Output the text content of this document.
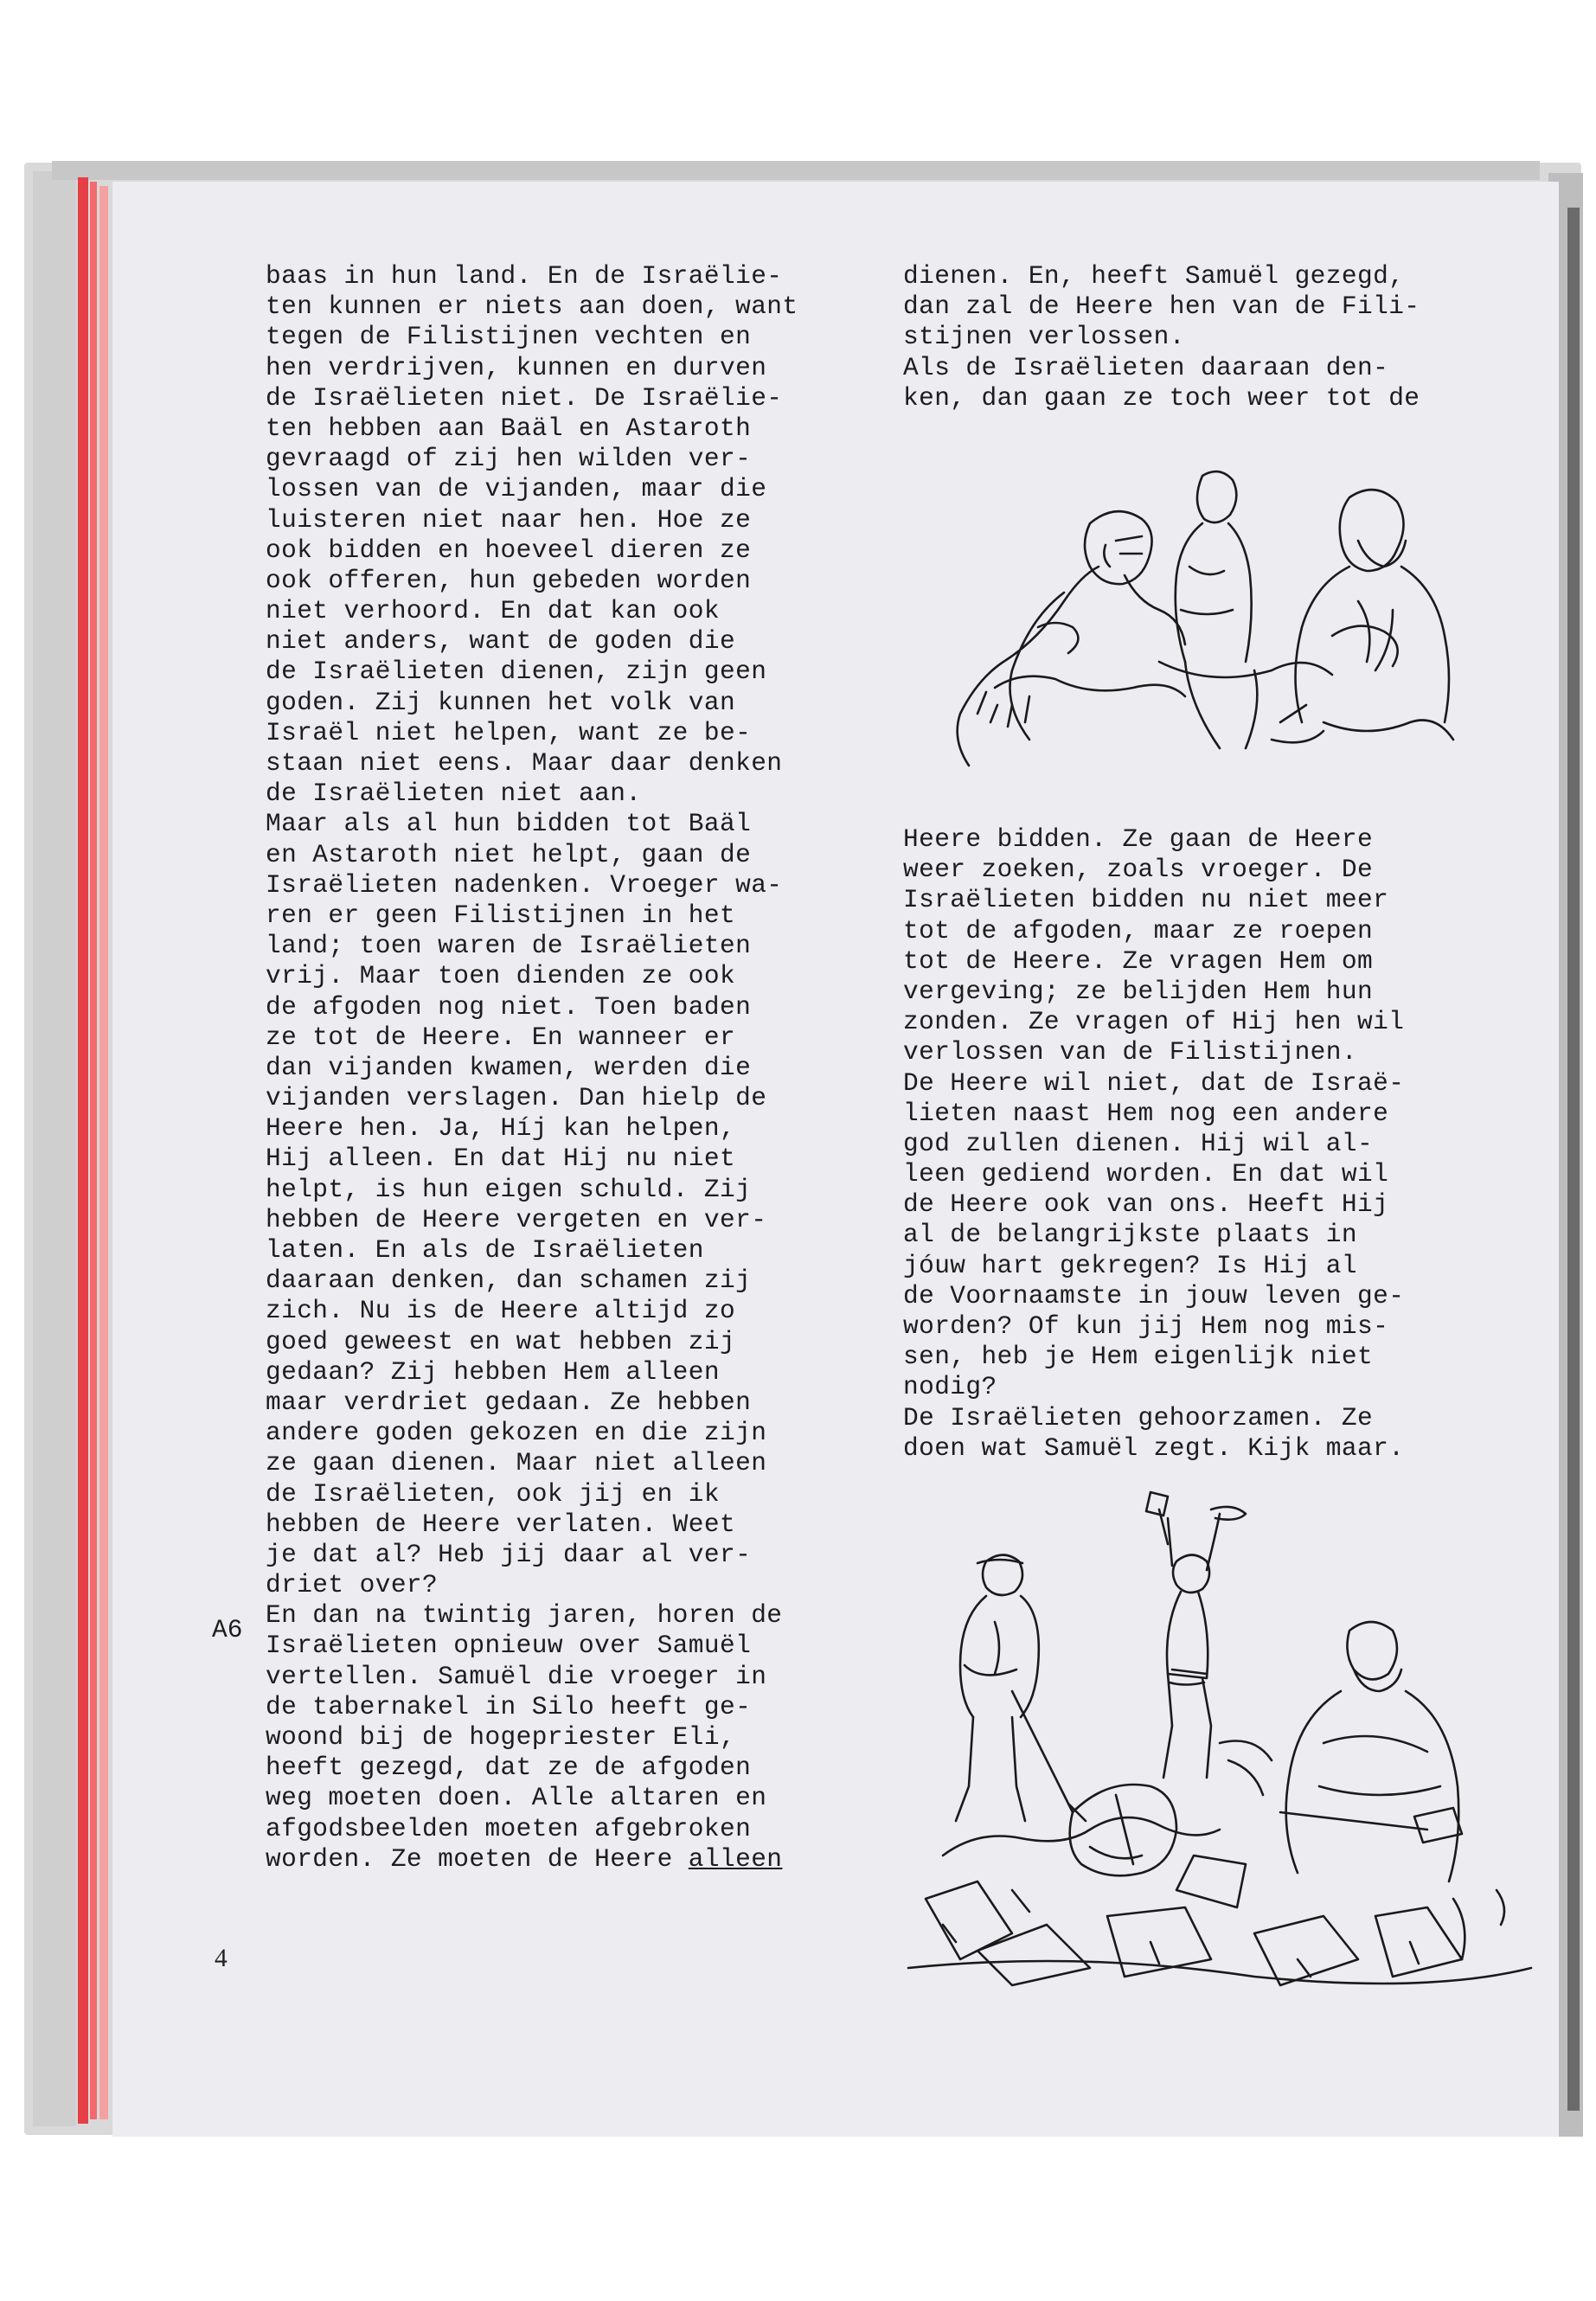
baas in hun land. En de Israëlie-
ten kunnen er niets aan doen, want
tegen de Filistijnen vechten en
hen verdrijven, kunnen en durven
de Israëlieten niet. De Israëlie-
ten hebben aan Baäl en Astaroth
gevraagd of zij hen wilden ver-
lossen van de vijanden, maar die
luisteren niet naar hen. Hoe ze
ook bidden en hoeveel dieren ze
ook offeren, hun gebeden worden
niet verhoord. En dat kan ook
niet anders, want de goden die
de Israëlieten dienen, zijn geen
goden. Zij kunnen het volk van
Israël niet helpen, want ze be-
staan niet eens. Maar daar denken
de Israëlieten niet aan.
Maar als al hun bidden tot Baäl
en Astaroth niet helpt, gaan de
Israëlieten nadenken. Vroeger wa-
ren er geen Filistijnen in het
land; toen waren de Israëlieten
vrij. Maar toen dienden ze ook
de afgoden nog niet. Toen baden
ze tot de Heere. En wanneer er
dan vijanden kwamen, werden die
vijanden verslagen. Dan hielp de
Heere hen. Ja, Híj kan helpen,
Hij alleen. En dat Hij nu niet
helpt, is hun eigen schuld. Zij
hebben de Heere vergeten en ver-
laten. En als de Israëlieten
daaraan denken, dan schamen zij
zich. Nu is de Heere altijd zo
goed geweest en wat hebben zij
gedaan? Zij hebben Hem alleen
maar verdriet gedaan. Ze hebben
andere goden gekozen en die zijn
ze gaan dienen. Maar niet alleen
de Israëlieten, ook jij en ik
hebben de Heere verlaten. Weet
je dat al? Heb jij daar al ver-
driet over?
En dan na twintig jaren, horen de
Israëlieten opnieuw over Samuël
vertellen. Samuël die vroeger in
de tabernakel in Silo heeft ge-
woond bij de hogepriester Eli,
heeft gezegd, dat ze de afgoden
weg moeten doen. Alle altaren en
afgodsbeelden moeten afgebroken
worden. Ze moeten de Heere alleen
A6
dienen. En, heeft Samuël gezegd,
dan zal de Heere hen van de Fili-
stijnen verlossen.
Als de Israëlieten daaraan den-
ken, dan gaan ze toch weer tot de
Heere bidden. Ze gaan de Heere
weer zoeken, zoals vroeger. De
Israëlieten bidden nu niet meer
tot de afgoden, maar ze roepen
tot de Heere. Ze vragen Hem om
vergeving; ze belijden Hem hun
zonden. Ze vragen of Hij hen wil
verlossen van de Filistijnen.
De Heere wil niet, dat de Israë-
lieten naast Hem nog een andere
god zullen dienen. Hij wil al-
leen gediend worden. En dat wil
de Heere ook van ons. Heeft Hij
al de belangrijkste plaats in
jóuw hart gekregen? Is Hij al
de Voornaamste in jouw leven ge-
worden? Of kun jij Hem nog mis-
sen, heb je Hem eigenlijk niet
nodig?
De Israëlieten gehoorzamen. Ze
doen wat Samuël zegt. Kijk maar.
4
